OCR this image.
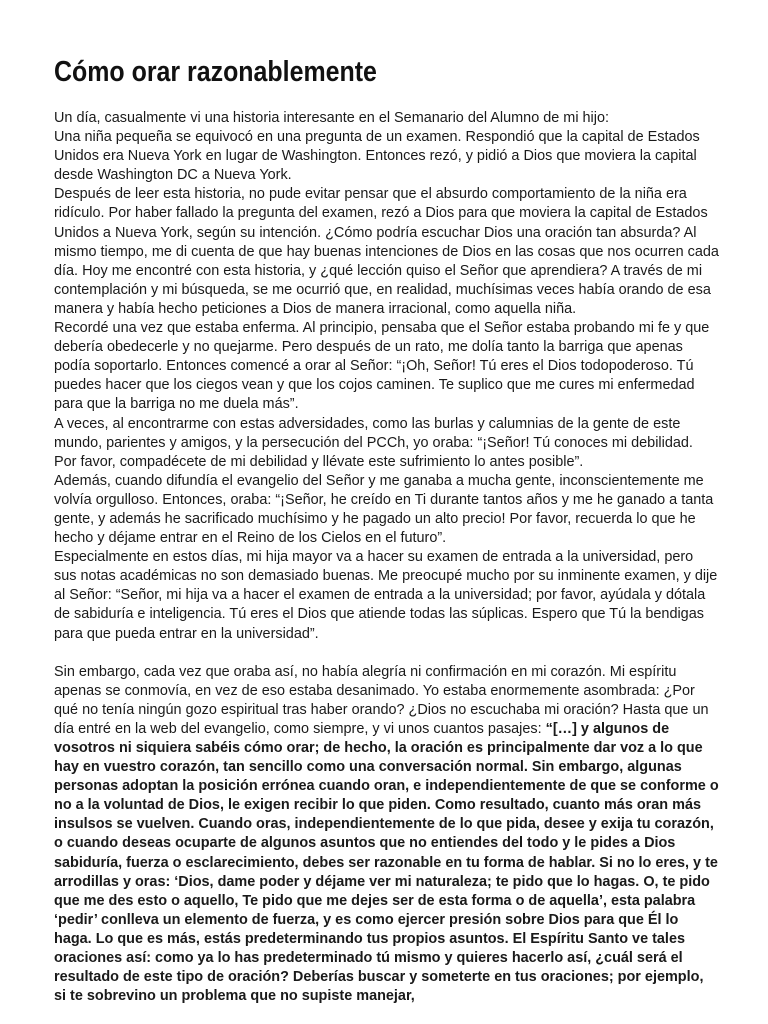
Cómo orar razonablemente

Un día, casualmente vi una historia interesante en el Semanario del Alumno de mi hijo:

Una niña pequeña se equivocó en una pregunta de un examen. Respondió que la capital de Estados Unidos era Nueva York en lugar de Washington. Entonces rezó, y pidió a Dios que moviera la capital desde Washington DC a Nueva York.

Después de leer esta historia, no pude evitar pensar que el absurdo comportamiento de la niña era ridículo. Por haber fallado la pregunta del examen, rezó a Dios para que moviera la capital de Estados Unidos a Nueva York, según su intención. ¿Cómo podría escuchar Dios una oración tan absurda? Al mismo tiempo, me di cuenta de que hay buenas intenciones de Dios en las cosas que nos ocurren cada día. Hoy me encontré con esta historia, y ¿qué lección quiso el Señor que aprendiera? A través de mi contemplación y mi búsqueda, se me ocurrió que, en realidad, muchísimas veces había orando de esa manera y había hecho peticiones a Dios de manera irracional, como aquella niña.

Recordé una vez que estaba enferma. Al principio, pensaba que el Señor estaba probando mi fe y que debería obedecerle y no quejarme. Pero después de un rato, me dolía tanto la barriga que apenas podía soportarlo. Entonces comencé a orar al Señor: “¡Oh, Señor! Tú eres el Dios todopoderoso. Tú puedes hacer que los ciegos vean y que los cojos caminen. Te suplico que me cures mi enfermedad para que la barriga no me duela más”.

A veces, al encontrarme con estas adversidades, como las burlas y calumnias de la gente de este mundo, parientes y amigos, y la persecución del PCCh, yo oraba: “¡Señor! Tú conoces mi debilidad. Por favor, compadécete de mi debilidad y llévate este sufrimiento lo antes posible”.

Además, cuando difundía el evangelio del Señor y me ganaba a mucha gente, inconscientemente me volvía orgulloso. Entonces, oraba: “¡Señor, he creído en Ti durante tantos años y me he ganado a tanta gente, y además he sacrificado muchísimo y he pagado un alto precio! Por favor, recuerda lo que he hecho y déjame entrar en el Reino de los Cielos en el futuro”.

Especialmente en estos días, mi hija mayor va a hacer su examen de entrada a la universidad, pero sus notas académicas no son demasiado buenas. Me preocupé mucho por su inminente examen, y dije al Señor: “Señor, mi hija va a hacer el examen de entrada a la universidad; por favor, ayúdala y dótala de sabiduría e inteligencia. Tú eres el Dios que atiende todas las súplicas. Espero que Tú la bendigas para que pueda entrar en la universidad”.

Sin embargo, cada vez que oraba así, no había alegría ni confirmación en mi corazón. Mi espíritu apenas se conmovía, en vez de eso estaba desanimado. Yo estaba enormemente asombrada: ¿Por qué no tenía ningún gozo espiritual tras haber orando? ¿Dios no escuchaba mi oración? Hasta que un día entré en la web del evangelio, como siempre, y vi unos cuantos pasajes: “[…] y algunos de vosotros ni siquiera sabéis cómo orar; de hecho, la oración es principalmente dar voz a lo que hay en vuestro corazón, tan sencillo como una conversación normal. Sin embargo, algunas personas adoptan la posición errónea cuando oran, e independientemente de que se conforme o no a la voluntad de Dios, le exigen recibir lo que piden. Como resultado, cuanto más oran más insulsos se vuelven. Cuando oras, independientemente de lo que pida, desee y exija tu corazón, o cuando deseas ocuparte de algunos asuntos que no entiendes del todo y le pides a Dios sabiduría, fuerza o esclarecimiento, debes ser razonable en tu forma de hablar. Si no lo eres, y te arrodillas y oras: ‘Dios, dame poder y déjame ver mi naturaleza; te pido que lo hagas. O, te pido que me des esto o aquello, Te pido que me dejes ser de esta forma o de aquella’, esta palabra ‘pedir’ conlleva un elemento de fuerza, y es como ejercer presión sobre Dios para que Él lo haga. Lo que es más, estás predeterminando tus propios asuntos. El Espíritu Santo ve tales oraciones así: como ya lo has predeterminado tú mismo y quieres hacerlo así, ¿cuál será el resultado de este tipo de oración? Deberías buscar y someterte en tus oraciones; por ejemplo, si te sobrevino un problema que no supiste manejar,
